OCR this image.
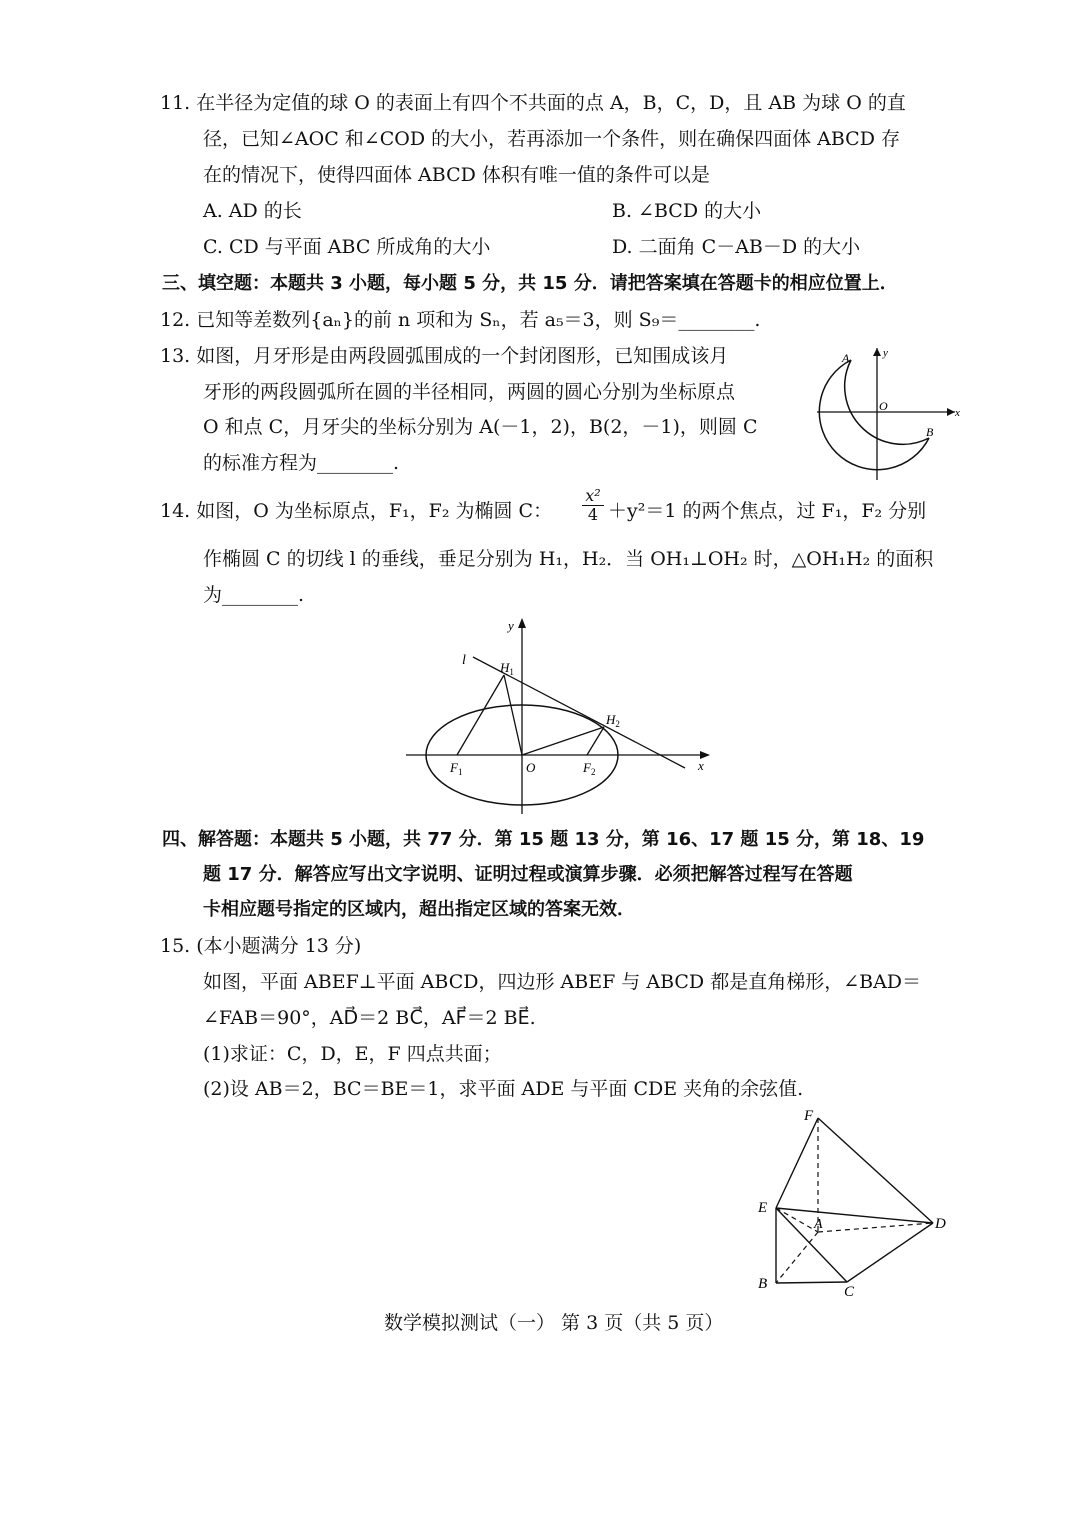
11. 在半径为定值的球 O 的表面上有四个不共面的点 A，B，C，D，且 AB 为球 O 的直
径，已知∠AOC 和∠COD 的大小，若再添加一个条件，则在确保四面体 ABCD 存
在的情况下，使得四面体 ABCD 体积有唯一值的条件可以是
A. AD 的长	B. ∠BCD 的大小
C. CD 与平面 ABC 所成角的大小	D. 二面角 C－AB－D 的大小
三、填空题：本题共 3 小题，每小题 5 分，共 15 分．请把答案填在答题卡的相应位置上．
12. 已知等差数列{aₙ}的前 n 项和为 Sₙ，若 a₅＝3，则 S₉＝________.
13. 如图，月牙形是由两段圆弧围成的一个封闭图形，已知围成该月
牙形的两段圆弧所在圆的半径相同，两圆的圆心分别为坐标原点
O 和点 C，月牙尖的坐标分别为 A(－1，2)，B(2，－1)，则圆 C
的标准方程为________.
A
B
O	x
y
14. 如图，O 为坐标原点，F₁，F₂ 为椭圆 C： $\frac{\text{x²}}{4} +y^2=1$ 的两个焦点，过 F₁，F₂ 分别
作椭圆 C 的切线 l 的垂线，垂足分别为 H₁，H₂．当 OH₁⊥OH₂ 时，△OH₁H₂ 的面积
为________.
l	$H_1$
$H_2$
$F_1$	$F_2$
O	x
y
四、解答题：本题共 5 小题，共 77 分．第 15 题 13 分，第 16、17 题 15 分，第 18、19
题 17 分．解答应写出文字说明、证明过程或演算步骤．必须把解答过程写在答题
卡相应题号指定的区域内，超出指定区域的答案无效．
15. (本小题满分 13 分)
如图，平面 ABEF⊥平面 ABCD，四边形 ABEF 与 ABCD 都是直角梯形，∠BAD＝
∠FAB＝90°，AD⃗＝2 BC⃗，AF⃗＝2 BE⃗.
(1)求证：C，D，E，F 四点共面；
(2)设 AB＝2，BC＝BE＝1，求平面 ADE 与平面 CDE 夹角的余弦值.
F
E
A	D
B	C
数学模拟测试（一） 第 3 页（共 5 页）
